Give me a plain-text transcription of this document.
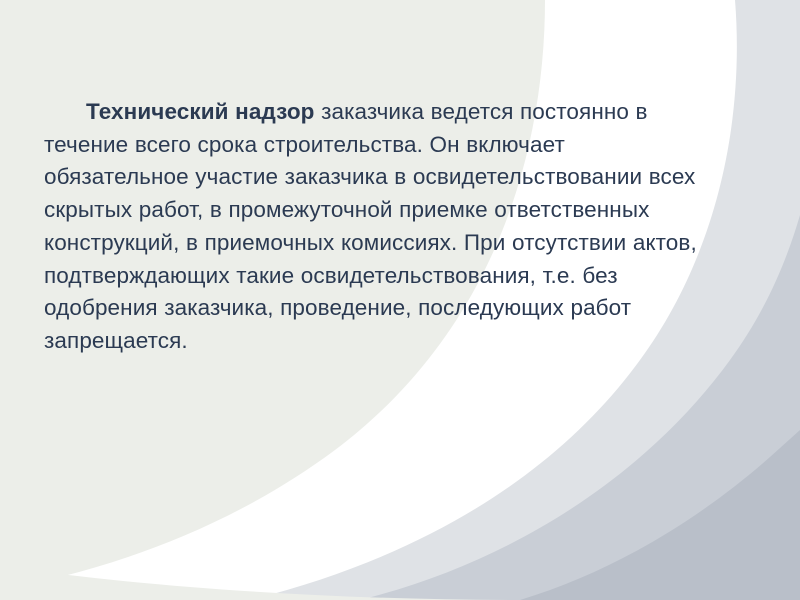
Технический надзор заказчика ведется постоянно в течение всего срока строительства. Он включает обязательное участие заказчика в освидетельствовании всех скрытых работ, в промежуточной приемке ответственных конструкций, в приемочных комиссиях. При отсутствии актов, подтверждающих такие освидетельствования, т.е. без одобрения заказчика, проведение, последующих работ запрещается.
